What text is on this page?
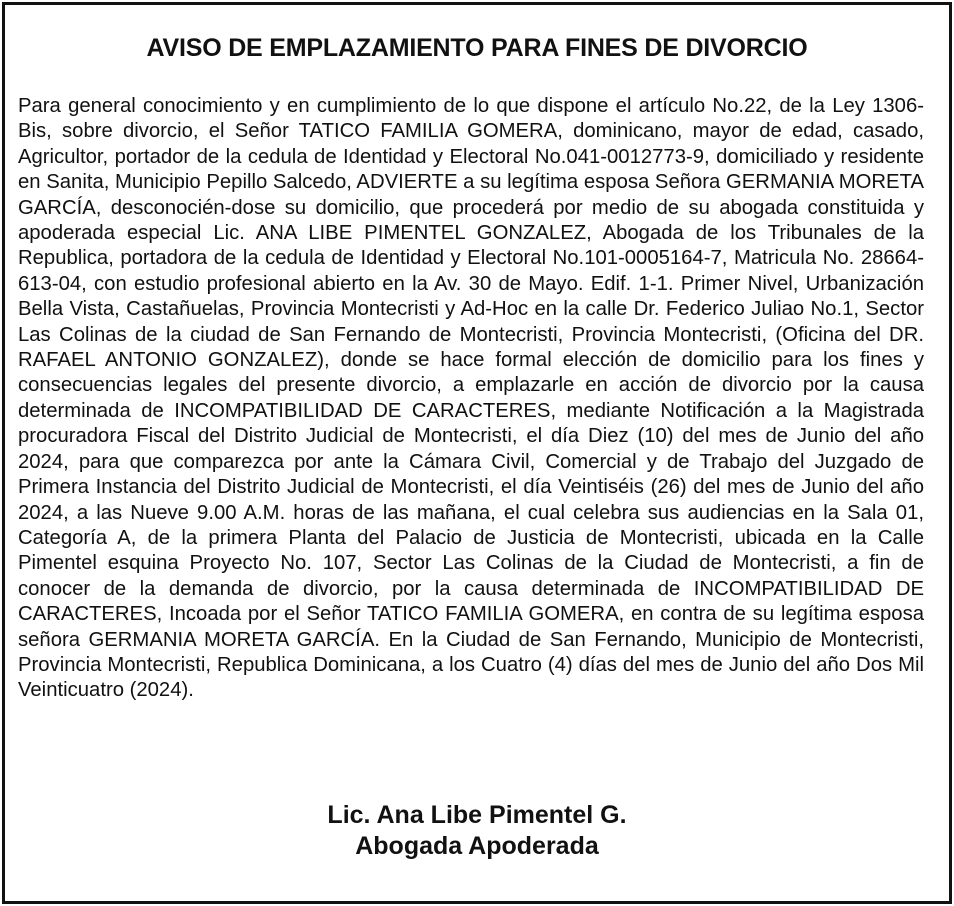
AVISO DE EMPLAZAMIENTO PARA FINES DE DIVORCIO
Para general conocimiento y en cumplimiento de lo que dispone el artículo No.22, de la Ley 1306-Bis, sobre divorcio, el Señor TATICO FAMILIA GOMERA, dominicano, mayor de edad, casado, Agricultor, portador de la cedula de Identidad y Electoral No.041-0012773-9, domiciliado y residente en Sanita, Municipio Pepillo Salcedo, ADVIERTE a su legítima esposa Señora GERMANIA MORETA GARCÍA, desconocién-dose su domicilio, que procederá por medio de su abogada constituida y apoderada especial Lic. ANA LIBE PIMENTEL GONZALEZ, Abogada de los Tribunales de la Republica, portadora de la cedula de Identidad y Electoral No.101-0005164-7, Matricula No. 28664-613-04, con estudio profesional abierto en la Av. 30 de Mayo. Edif. 1-1. Primer Nivel, Urbanización Bella Vista, Castañuelas, Provincia Montecristi y Ad-Hoc en la calle Dr. Federico Juliao No.1, Sector Las Colinas de la ciudad de San Fernando de Montecristi, Provincia Montecristi, (Oficina del DR. RAFAEL ANTONIO GONZALEZ), donde se hace formal elección de domicilio para los fines y consecuencias legales del presente divorcio, a emplazarle en acción de divorcio por la causa determinada de INCOMPATIBILIDAD DE CARACTERES, mediante Notificación a la Magistrada procuradora Fiscal del Distrito Judicial de Montecristi, el día Diez (10) del mes de Junio del año 2024, para que comparezca por ante la Cámara Civil, Comercial y de Trabajo del Juzgado de Primera Instancia del Distrito Judicial de Montecristi, el día Veintiséis (26) del mes de Junio del año 2024, a las Nueve 9.00 A.M. horas de las mañana, el cual celebra sus audiencias en la Sala 01, Categoría A, de la primera Planta del Palacio de Justicia de Montecristi, ubicada en la Calle Pimentel esquina Proyecto No. 107, Sector Las Colinas de la Ciudad de Montecristi, a fin de conocer de la demanda de divorcio, por la causa determinada de INCOMPATIBILIDAD DE CARACTERES, Incoada por el Señor TATICO FAMILIA GOMERA, en contra de su legítima esposa señora GERMANIA MORETA GARCÍA. En la Ciudad de San Fernando, Municipio de Montecristi, Provincia Montecristi, Republica Dominicana, a los Cuatro (4) días del mes de Junio del año Dos Mil Veinticuatro (2024).
Lic. Ana Libe Pimentel G.
Abogada Apoderada
